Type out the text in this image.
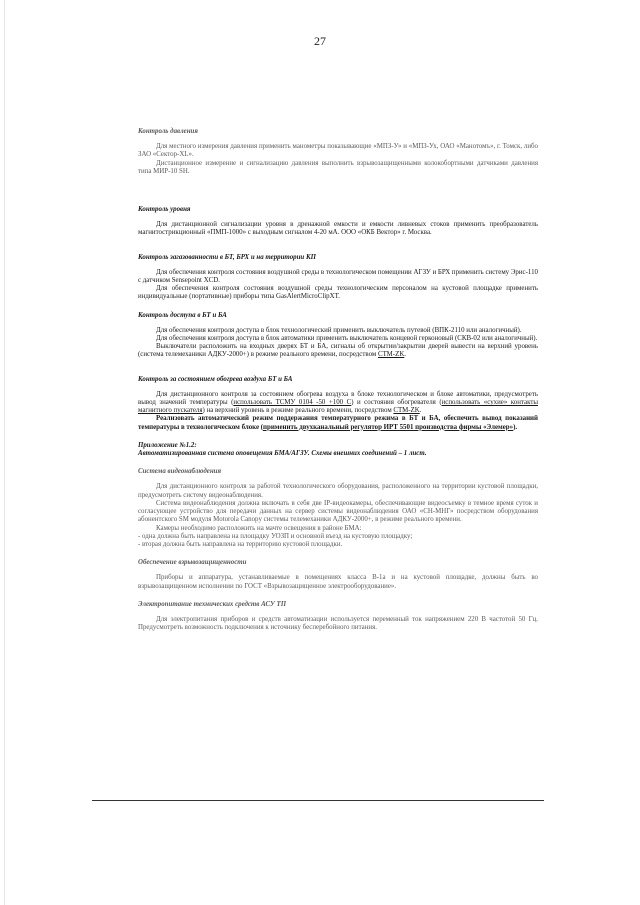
27

Контроль давления

Для местного измерения давления применить манометры показывающие «МПЗ-У» и «МПЗ-Ух, ОАО «Манотомъ», г. Томск, либо ЗАО «Сектор-XL».

Дистанционное измерение и сигнализацию давления выполнить взрывозащищенными колокобортными датчиками давления типа МИР-10 SH.

Контроль уровня

Для дистанционной сигнализации уровня в дренажной емкости и емкости ливневых стоков применить преобразователь магнитострикционный «ПМП-1000» с выходным сигналом 4-20 мА. ООО «ОКБ Вектор» г. Москва.

Контроль загазованности в БТ, БРХ и на территории КП

Для обеспечения контроля состояния воздушной среды в технологическом помещении АГЗУ и БРХ применить систему Эрис-110 с датчиком Sensepoint XCD.

Для обеспечения контроля состояния воздушной среды технологическим персоналом на кустовой площадке применить индивидуальные (портативные) приборы типа GasAlertMicroClipXT.

Контроль доступа в БТ и БА

Для обеспечения контроля доступа в блок технологический применить выключатель путевой (ВПК-2110 или аналогичный).

Для обеспечения контроля доступа в блок автоматики применить выключатель концевой герконовый (СКВ-02 или аналогичный).

Выключатели расположить на входных дверях БТ и БА, сигналы об открытии/закрытии дверей вывести на верхний уровень (система телемеханики АДКУ-2000+) в режиме реального времени, посредством СТМ-ZK.

Контроль за состоянием обогрева воздуха БТ и БА

Для дистанционного контроля за состоянием обогрева воздуха в блоке технологическом и блоке автоматики, предусмотреть вывод значений температуры (использовать ТСМУ 0104 -50 +100 С) и состояния обогревателя (использовать «сухие» контакты магнитного пускателя) на верхний уровень в режиме реального времени, посредством СТМ-ZK.

Реализовать автоматический режим поддержания температурного режима в БТ и БА, обеспечить вывод показаний температуры в технологическом блоке (применить двухканальный регулятор ИРТ 5501 производства фирмы «Элемер»).

Приложение №1.2:

Автоматизированная система оповещения БМА/АГЗУ. Схемы внешних соединений – 1 лист.

Система видеонаблюдения

Для дистанционного контроля за работой технологического оборудования, расположенного на территории кустовой площадки, предусмотреть систему видеонаблюдения.

Система видеонаблюдения должна включать в себя две IP-видеокамеры, обеспечивающие видеосъемку в темное время суток и согласующее устройство для передачи данных на сервер системы видеонаблюдения ОАО «СН-МНГ» посредством оборудования абонентского SM модуля Motorola Canopy системы телемеханики АДКУ-2000+, в режиме реального времени.

Камеры необходимо расположить на мачте освещения в районе БМА:

- одна должна быть направлена на площадку УОЗП и основной въезд на кустовую площадку;

- вторая должна быть направлена на территорию кустовой площадки.

Обеспечение взрывозащищенности

Приборы и аппаратура, устанавливаемые в помещениях класса В-1а и на кустовой площадке, должны быть во взрывозащищенном исполнении по ГОСТ «Взрывозащищенное электрооборудование».

Электропитание технических средств АСУ ТП

Для электропитания приборов и средств автоматизации используется переменный ток напряжением 220 В частотой 50 Гц. Предусмотреть возможность подключения к источнику бесперебойного питания.
